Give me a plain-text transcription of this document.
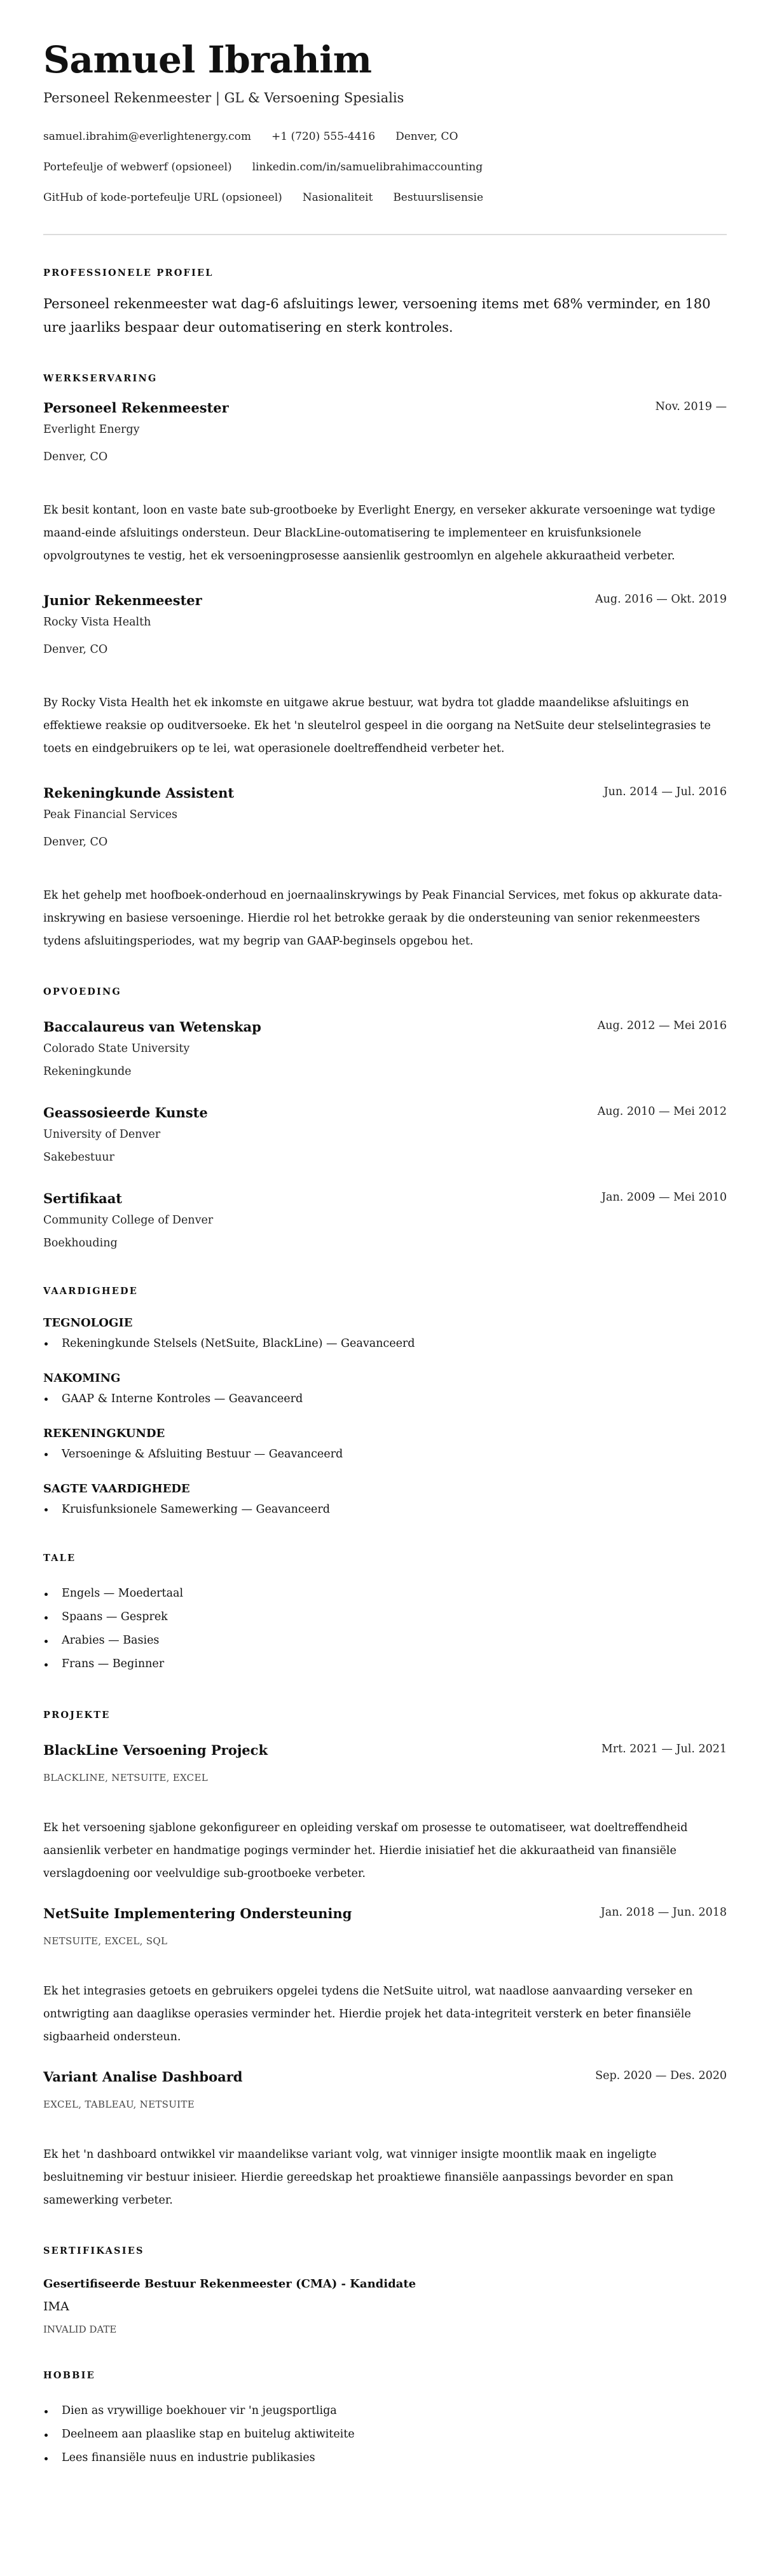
Samuel Ibrahim
Personeel Rekenmeester | GL & Versoening Spesialis
samuel.ibrahim@everlightenergy.com +1 (720) 555-4416 Denver, CO
Portefeulje of webwerf (opsioneel) linkedin.com/in/samuelibrahimaccounting
GitHub of kode-portefeulje URL (opsioneel) Nasionaliteit Bestuurslisensie
PROFESSIONELE PROFIEL
Personeel rekenmeester wat dag-6 afsluitings lewer, versoening items met 68% verminder, en 180 ure jaarliks bespaar deur outomatisering en sterk kontroles.
WERKSERVARING
Personeel Rekenmeester	Nov. 2019 —
Everlight Energy
Denver, CO
Ek besit kontant, loon en vaste bate sub-grootboeke by Everlight Energy, en verseker akkurate versoeninge wat tydige maand-einde afsluitings ondersteun. Deur BlackLine-outomatisering te implementeer en kruisfunksionele opvolgroutynes te vestig, het ek versoeningprosesse aansienlik gestroomlyn en algehele akkuraatheid verbeter.
Junior Rekenmeester	Aug. 2016 — Okt. 2019
Rocky Vista Health
Denver, CO
By Rocky Vista Health het ek inkomste en uitgawe akrue bestuur, wat bydra tot gladde maandelikse afsluitings en effektiewe reaksie op ouditversoeke. Ek het 'n sleutelrol gespeel in die oorgang na NetSuite deur stelselintegrasies te toets en eindgebruikers op te lei, wat operasionele doeltreffendheid verbeter het.
Rekeningkunde Assistent	Jun. 2014 — Jul. 2016
Peak Financial Services
Denver, CO
Ek het gehelp met hoofboek-onderhoud en joernaalinskrywings by Peak Financial Services, met fokus op akkurate data-inskrywing en basiese versoeninge. Hierdie rol het betrokke geraak by die ondersteuning van senior rekenmeesters tydens afsluitingsperiodes, wat my begrip van GAAP-beginsels opgebou het.
OPVOEDING
Baccalaureus van Wetenskap	Aug. 2012 — Mei 2016
Colorado State University
Rekeningkunde
Geassosieerde Kunste	Aug. 2010 — Mei 2012
University of Denver
Sakebestuur
Sertifikaat	Jan. 2009 — Mei 2010
Community College of Denver
Boekhouding
VAARDIGHEDE
TEGNOLOGIE
Rekeningkunde Stelsels (NetSuite, BlackLine) — Geavanceerd
NAKOMING
GAAP & Interne Kontroles — Geavanceerd
REKENINGKUNDE
Versoeninge & Afsluiting Bestuur — Geavanceerd
SAGTE VAARDIGHEDE
Kruisfunksionele Samewerking — Geavanceerd
TALE
Engels — Moedertaal
Spaans — Gesprek
Arabies — Basies
Frans — Beginner
PROJEKTE
BlackLine Versoening Projeck	Mrt. 2021 — Jul. 2021
BLACKLINE, NETSUITE, EXCEL
Ek het versoening sjablone gekonfigureer en opleiding verskaf om prosesse te outomatiseer, wat doeltreffendheid aansienlik verbeter en handmatige pogings verminder het. Hierdie inisiatief het die akkuraatheid van finansiële verslagdoening oor veelvuldige sub-grootboeke verbeter.
NetSuite Implementering Ondersteuning	Jan. 2018 — Jun. 2018
NETSUITE, EXCEL, SQL
Ek het integrasies getoets en gebruikers opgelei tydens die NetSuite uitrol, wat naadlose aanvaarding verseker en ontwrigting aan daaglikse operasies verminder het. Hierdie projek het data-integriteit versterk en beter finansiële sigbaarheid ondersteun.
Variant Analise Dashboard	Sep. 2020 — Des. 2020
EXCEL, TABLEAU, NETSUITE
Ek het 'n dashboard ontwikkel vir maandelikse variant volg, wat vinniger insigte moontlik maak en ingeligte besluitneming vir bestuur inisieer. Hierdie gereedskap het proaktiewe finansiële aanpassings bevorder en span samewerking verbeter.
SERTIFIKASIES
Gesertifiseerde Bestuur Rekenmeester (CMA) - Kandidate
IMA
INVALID DATE
HOBBIE
Dien as vrywillige boekhouer vir 'n jeugsportliga
Deelneem aan plaaslike stap en buitelug aktiwiteite
Lees finansiële nuus en industrie publikasies
